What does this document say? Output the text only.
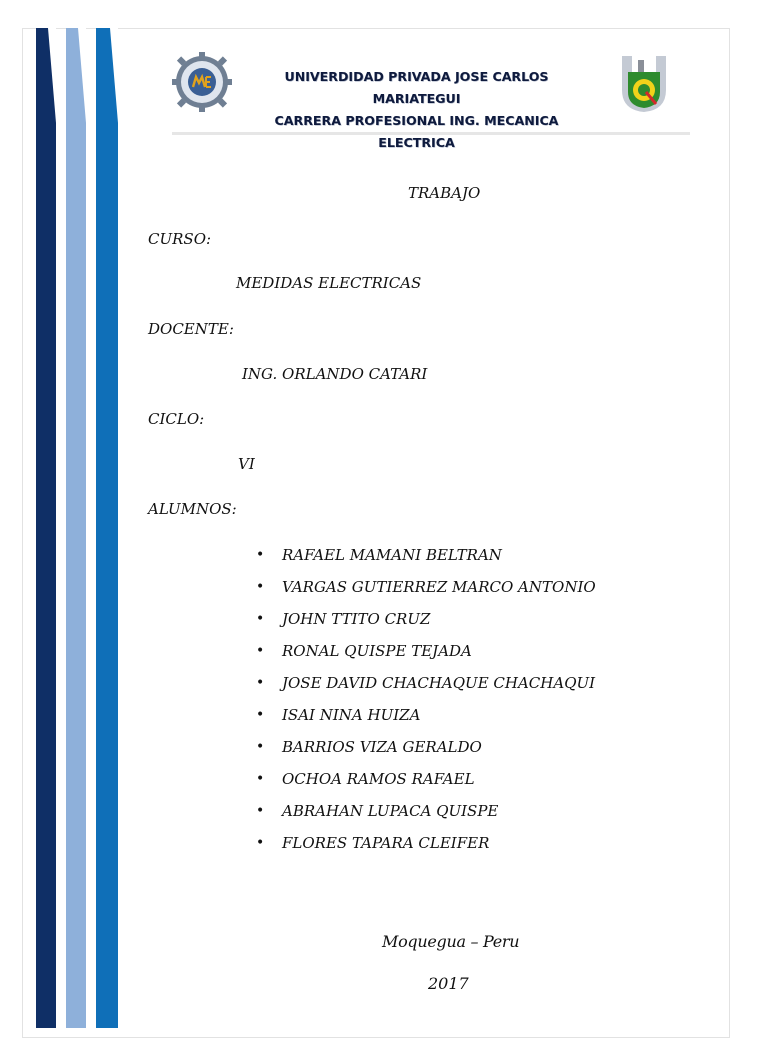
UNIVERDIDAD PRIVADA JOSE CARLOS MARIATEGUI
CARRERA PROFESIONAL ING. MECANICA ELECTRICA
TRABAJO
CURSO:
MEDIDAS ELECTRICAS
DOCENTE:
ING. ORLANDO CATARI
CICLO:
VI
ALUMNOS:
• RAFAEL MAMANI BELTRAN
• VARGAS GUTIERREZ MARCO ANTONIO
• JOHN TTITO CRUZ
• RONAL QUISPE TEJADA
• JOSE DAVID CHACHAQUE CHACHAQUI
• ISAI NINA HUIZA
• BARRIOS VIZA GERALDO
• OCHOA RAMOS RAFAEL
• ABRAHAN LUPACA QUISPE
• FLORES TAPARA CLEIFER
Moquegua – Peru
2017
